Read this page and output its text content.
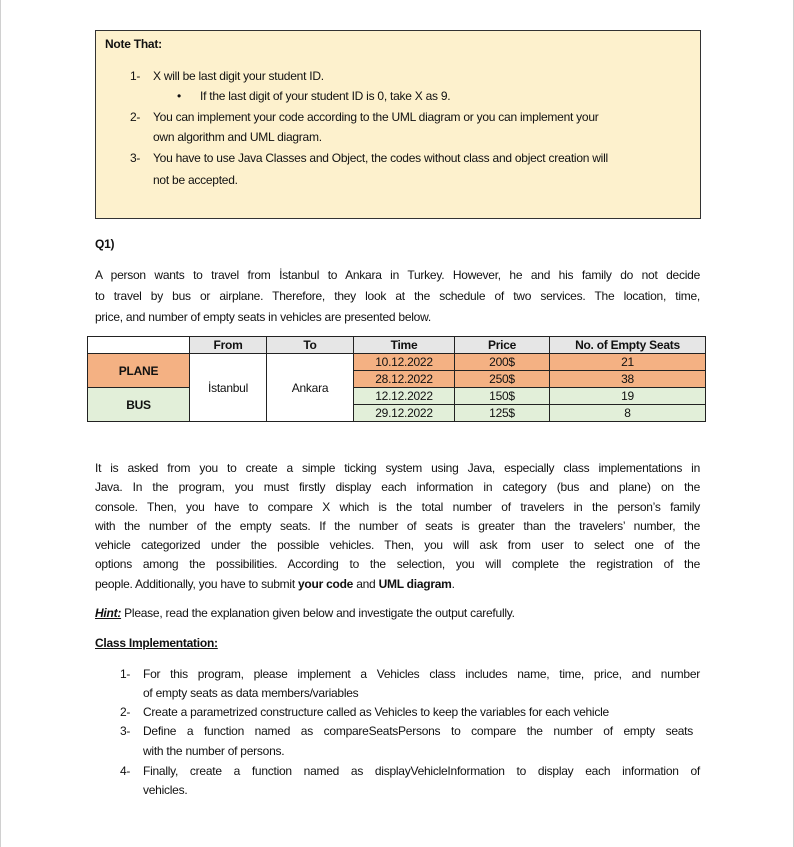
Note That:
1- X will be last digit your student ID.
• If the last digit of your student ID is 0, take X as 9.
2- You can implement your code according to the UML diagram or you can implement your
own algorithm and UML diagram.
3- You have to use Java Classes and Object, the codes without class and object creation will
not be accepted.
Q1)
A person wants to travel from İstanbul to Ankara in Turkey. However, he and his family do not decide
to travel by bus or airplane. Therefore, they look at the schedule of two services. The location, time,
price, and number of empty seats in vehicles are presented below.
	From	To	Time	Price	No. of Empty Seats
PLANE	İstanbul	Ankara	10.12.2022	200$	21
			28.12.2022	250$	38
BUS			12.12.2022	150$	19
			29.12.2022	125$	8
It is asked from you to create a simple ticking system using Java, especially class implementations in
Java. In the program, you must firstly display each information in category (bus and plane) on the
console. Then, you have to compare X which is the total number of travelers in the person’s family
with the number of the empty seats. If the number of seats is greater than the travelers’ number, the
vehicle categorized under the possible vehicles. Then, you will ask from user to select one of the
options among the possibilities. According to the selection, you will complete the registration of the
people. Additionally, you have to submit your code and UML diagram.
Hint: Please, read the explanation given below and investigate the output carefully.
Class Implementation:
1- For this program, please implement a Vehicles class includes name, time, price, and number
of empty seats as data members/variables
2- Create a parametrized constructure called as Vehicles to keep the variables for each vehicle
3- Define a function named as compareSeatsPersons to compare the number of empty seats
with the number of persons.
4- Finally, create a function named as displayVehicleInformation to display each information of
vehicles.
